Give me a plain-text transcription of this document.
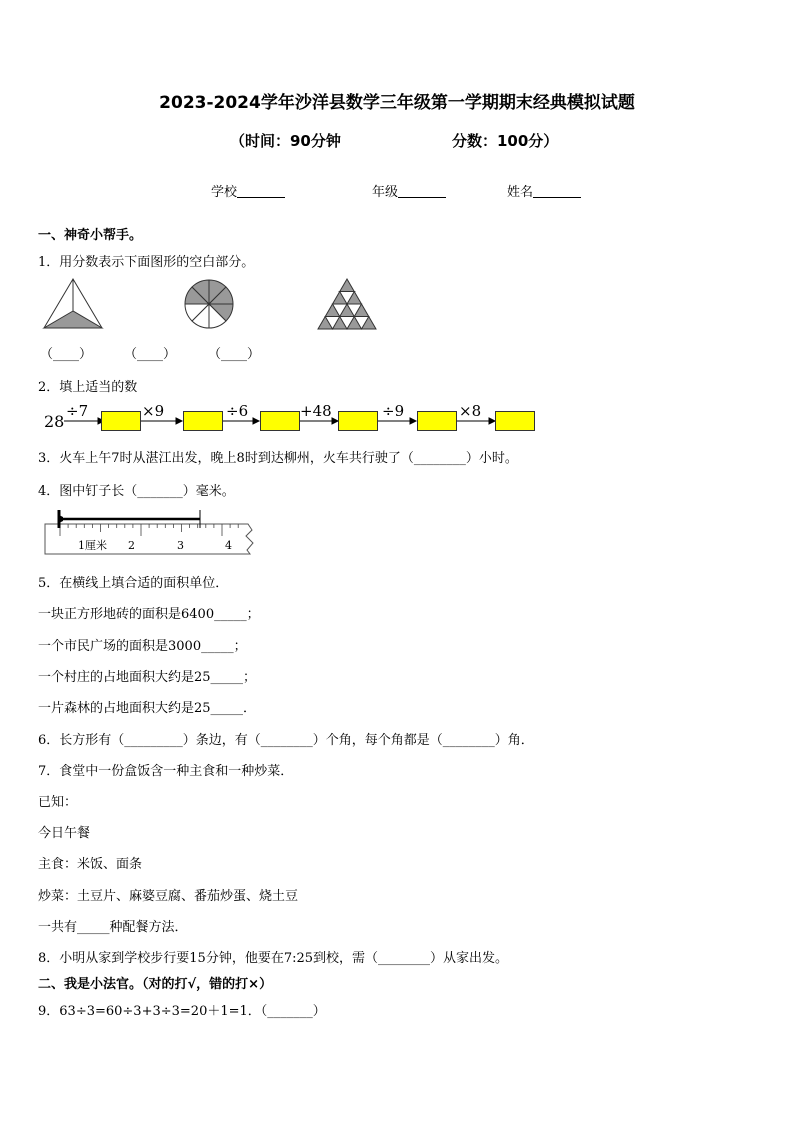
2023-2024学年沙洋县数学三年级第一学期期末经典模拟试题
（时间：90分钟	分数：100分）
学校	年级	姓名
一、神奇小帮手。
1．用分数表示下面图形的空白部分。
（____） （____） （____）
2．填上适当的数
28
÷7	×9	÷6	+48	÷9	×8
3．火车上午7时从湛江出发，晚上8时到达柳州，火车共行驶了（________）小时。
4．图中钉子长（_______）毫米。
1厘米 2	3	4
5．在横线上填合适的面积单位．
一块正方形地砖的面积是6400_____；
一个市民广场的面积是3000_____；
一个村庄的占地面积大约是25_____；
一片森林的占地面积大约是25_____．
6．长方形有（_________）条边，有（________）个角，每个角都是（________）角．
7．食堂中一份盒饭含一种主食和一种炒菜．
已知：
今日午餐
主食：米饭、面条
炒菜：土豆片、麻婆豆腐、番茄炒蛋、烧土豆
一共有_____种配餐方法．
8．小明从家到学校步行要15分钟，他要在7:25到校，需（________）从家出发。
二、我是小法官。（对的打√，错的打×）
9．63÷3=60÷3+3÷3=20＋1=1．（_______）
